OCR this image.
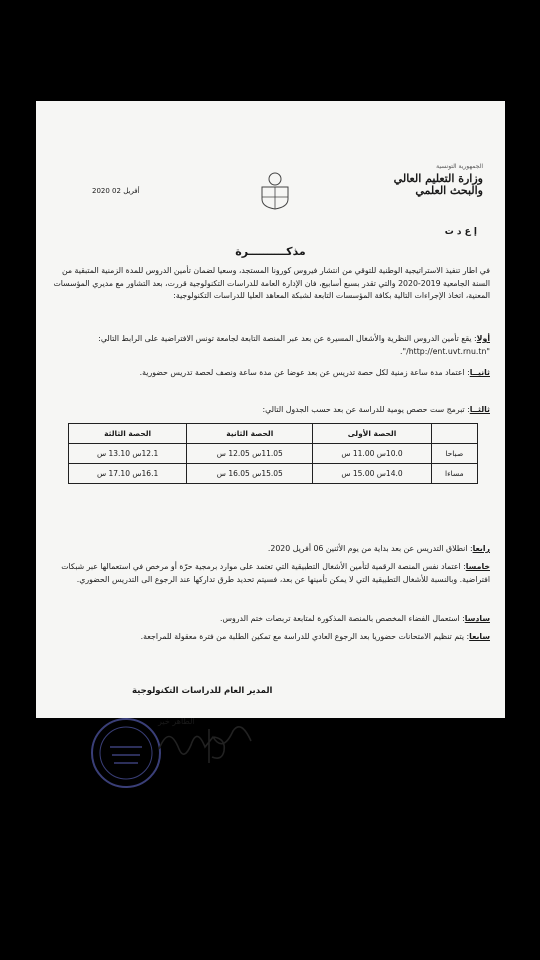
الجمهورية التونسية
وزارة التعليم العالي
والبحث العلمي
2020 أفريل 02
إ ع د ت
مذكــــــــــرة
في اطار تنفيذ الاستراتيجية الوطنية للتوقي من انتشار فيروس كورونا المستجد، وسعيا لضمان تأمين الدروس للمدة الزمنية المتبقية من السنة الجامعية 2019-2020 والتي تقدر بسبع أسابيع، فان الإدارة العامة للدراسات التكنولوجية قررت، بعد التشاور مع مديري المؤسسات المعنية، اتخاذ الإجراءات التالية بكافة المؤسسات التابعة لشبكة المعاهد العليا للدراسات التكنولوجية:
أولا: يقع تأمين الدروس النظرية والأشغال المسيرة عن بعد عبر المنصة التابعة لجامعة تونس الافتراضية على الرابط التالي: "http://ent.uvt.rnu.tn/".
ثانيــا: اعتماد مدة ساعة زمنية لكل حصة تدريس عن بعد عوضا عن مدة ساعة ونصف لحصة تدريس حضورية.
ثالثــا: تبرمج ست حصص يومية للدراسة عن بعد حسب الجدول التالي:
	الحصة الأولى	الحصة الثانية	الحصة الثالثة
صباحا	10.0س 11.00 س	11.05س 12.05 س	12.1س 13.10 س
مساءا	14.0س 15.00 س	15.05س 16.05 س	16.1س 17.10 س
رابعا: انطلاق التدريس عن بعد بداية من يوم الأثنين 06 أفريل 2020.
خامسا: اعتماد نفس المنصة الرقمية لتأمين الأشغال التطبيقية التي تعتمد على موارد برمجية حرّة أو مرخص في استعمالها عبر شبكات افتراضية. وبالنسبة للأشغال التطبيقية التي لا يمكن تأمينها عن بعد، فسيتم تحديد طرق تداركها عند الرجوع الى التدريس الحضوري.
سادسا: استعمال الفضاء المخصص بالمنصة المذكورة لمتابعة تربصات ختم الدروس.
سابعا: يتم تنظيم الامتحانات حضوريا بعد الرجوع العادي للدراسة مع تمكين الطلبة من فترة معقولة للمراجعة.
المدير العام للدراسات التكنولوجية
الطاهر خير
